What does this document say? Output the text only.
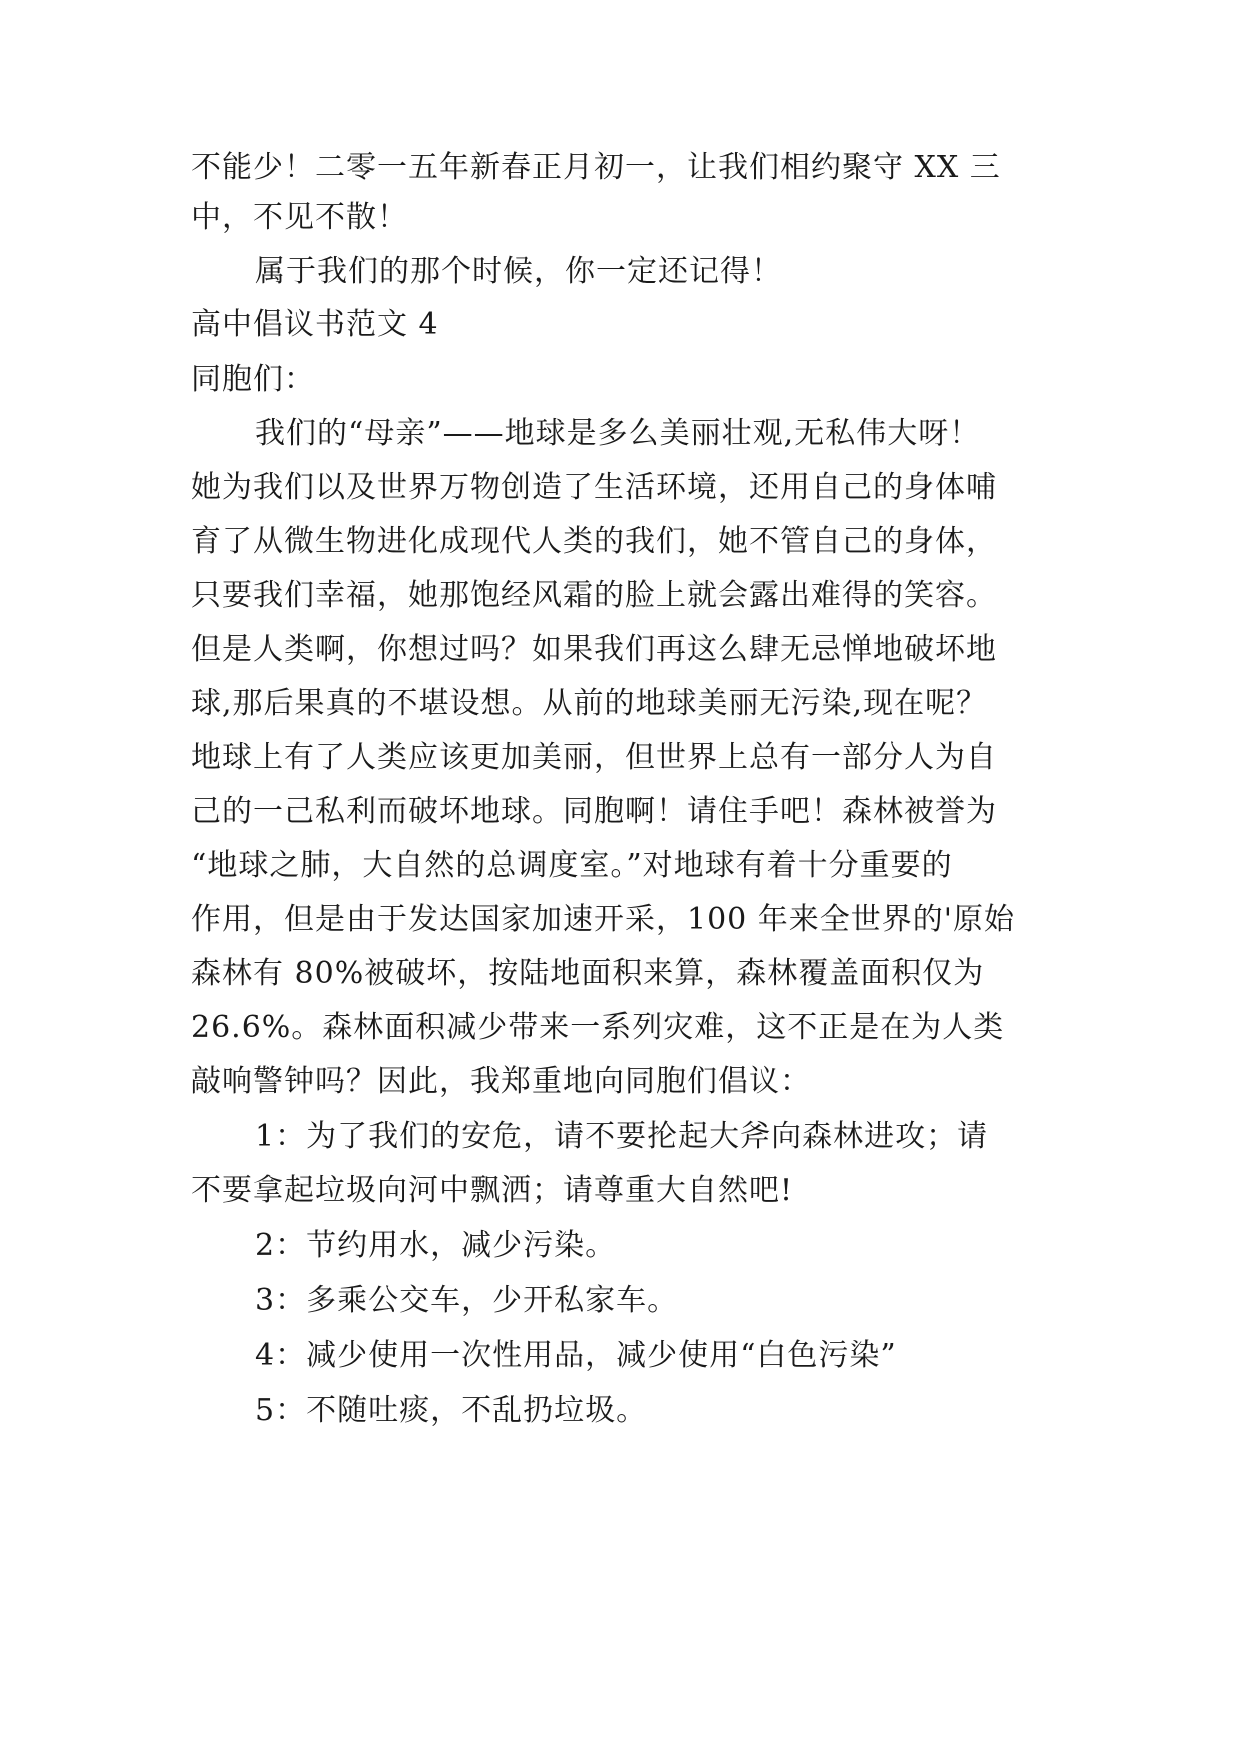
不能少！二零一五年新春正月初一，让我们相约聚守 XX 三
中，不见不散！
属于我们的那个时候，你一定还记得！
高中倡议书范文 4
同胞们：
我们的“母亲”——地球是多么美丽壮观,无私伟大呀！
她为我们以及世界万物创造了生活环境，还用自己的身体哺
育了从微生物进化成现代人类的我们，她不管自己的身体，
只要我们幸福，她那饱经风霜的脸上就会露出难得的笑容。
但是人类啊，你想过吗？如果我们再这么肆无忌惮地破坏地
球,那后果真的不堪设想。从前的地球美丽无污染,现在呢？
地球上有了人类应该更加美丽，但世界上总有一部分人为自
己的一己私利而破坏地球。同胞啊！请住手吧！森林被誉为
“地球之肺，大自然的总调度室。”对地球有着十分重要的
作用，但是由于发达国家加速开采，100 年来全世界的'原始
森林有 80%被破坏，按陆地面积来算，森林覆盖面积仅为
26.6%。森林面积减少带来一系列灾难，这不正是在为人类
敲响警钟吗？因此，我郑重地向同胞们倡议：
1：为了我们的安危，请不要抡起大斧向森林进攻；请
不要拿起垃圾向河中飘洒；请尊重大自然吧!
2：节约用水，减少污染。
3：多乘公交车，少开私家车。
4：减少使用一次性用品，减少使用“白色污染”
5：不随吐痰，不乱扔垃圾。
